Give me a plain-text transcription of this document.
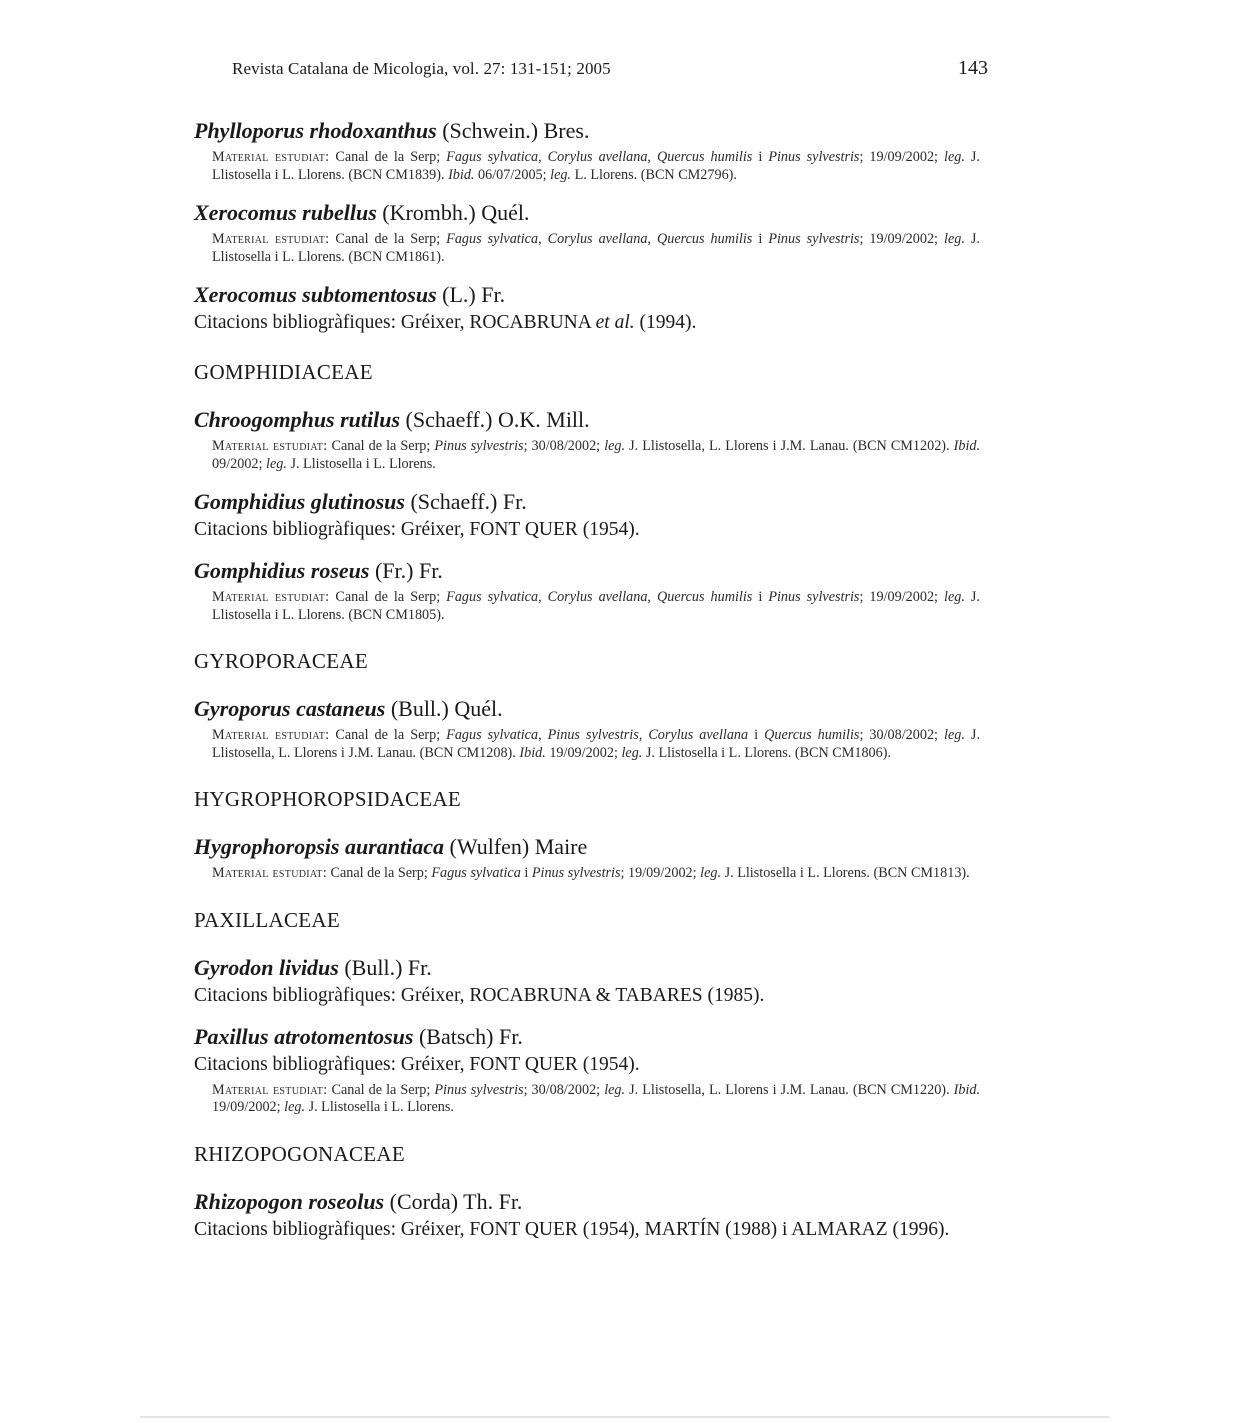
Revista Catalana de Micologia, vol. 27: 131-151; 2005	143

Phylloporus rhodoxanthus (Schwein.) Bres.

Material estudiat: Canal de la Serp; Fagus sylvatica, Corylus avellana, Quercus humilis i Pinus sylvestris; 19/09/2002; leg. J. Llistosella i L. Llorens. (BCN CM1839). Ibid. 06/07/2005; leg. L. Llorens. (BCN CM2796).

Xerocomus rubellus (Krombh.) Quél.

Material estudiat: Canal de la Serp; Fagus sylvatica, Corylus avellana, Quercus humilis i Pinus sylvestris; 19/09/2002; leg. J. Llistosella i L. Llorens. (BCN CM1861).

Xerocomus subtomentosus (L.) Fr.

Citacions bibliogràfiques: Gréixer, ROCABRUNA et al. (1994).

GOMPHIDIACEAE

Chroogomphus rutilus (Schaeff.) O.K. Mill.

Material estudiat: Canal de la Serp; Pinus sylvestris; 30/08/2002; leg. J. Llistosella, L. Llorens i J.M. Lanau. (BCN CM1202). Ibid. 09/2002; leg. J. Llistosella i L. Llorens.

Gomphidius glutinosus (Schaeff.) Fr.

Citacions bibliogràfiques: Gréixer, FONT QUER (1954).

Gomphidius roseus (Fr.) Fr.

Material estudiat: Canal de la Serp; Fagus sylvatica, Corylus avellana, Quercus humilis i Pinus sylvestris; 19/09/2002; leg. J. Llistosella i L. Llorens. (BCN CM1805).

GYROPORACEAE

Gyroporus castaneus (Bull.) Quél.

Material estudiat: Canal de la Serp; Fagus sylvatica, Pinus sylvestris, Corylus avellana i Quercus humilis; 30/08/2002; leg. J. Llistosella, L. Llorens i J.M. Lanau. (BCN CM1208). Ibid. 19/09/2002; leg. J. Llistosella i L. Llorens. (BCN CM1806).

HYGROPHOROPSIDACEAE

Hygrophoropsis aurantiaca (Wulfen) Maire

Material estudiat: Canal de la Serp; Fagus sylvatica i Pinus sylvestris; 19/09/2002; leg. J. Llistosella i L. Llorens. (BCN CM1813).

PAXILLACEAE

Gyrodon lividus (Bull.) Fr.

Citacions bibliogràfiques: Gréixer, ROCABRUNA & TABARES (1985).

Paxillus atrotomentosus (Batsch) Fr.

Citacions bibliogràfiques: Gréixer, FONT QUER (1954).

Material estudiat: Canal de la Serp; Pinus sylvestris; 30/08/2002; leg. J. Llistosella, L. Llorens i J.M. Lanau. (BCN CM1220). Ibid. 19/09/2002; leg. J. Llistosella i L. Llorens.

RHIZOPOGONACEAE

Rhizopogon roseolus (Corda) Th. Fr.

Citacions bibliogràfiques: Gréixer, FONT QUER (1954), MARTÍN (1988) i ALMARAZ (1996).
